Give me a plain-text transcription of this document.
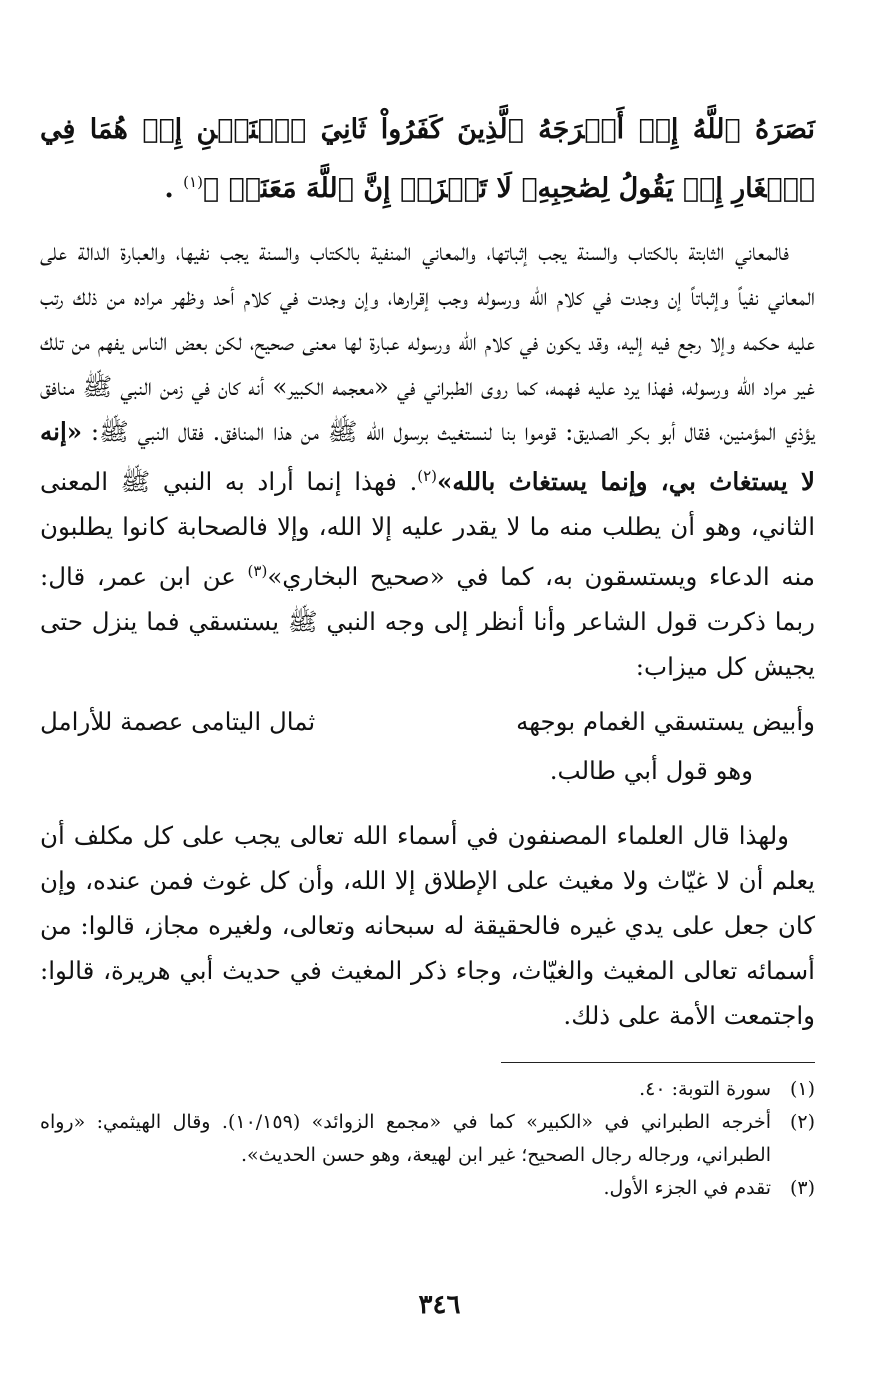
نَصَرَهُ ٱللَّهُ إِذۡ أَخۡرَجَهُ ٱلَّذِينَ كَفَرُواْ ثَانِيَ ٱثۡنَيۡنِ إِذۡ هُمَا فِي ٱلۡغَارِ إِذۡ يَقُولُ لِصَٰحِبِهِۦ لَا تَحۡزَنۡ إِنَّ ٱللَّهَ مَعَنَاۖ ﴾$^{(١)}$ .

فالمعاني الثابتة بالكتاب والسنة يجب إثباتها، والمعاني المنفية بالكتاب والسنة يجب نفيها، والعبارة الدالة على المعاني نفياً وإثباتاً إن وجدت في كلام الله ورسوله وجب إقرارها، وإن وجدت في كلام أحد وظهر مراده من ذلك رتب عليه حكمه وإلا رجع فيه إليه، وقد يكون في كلام الله ورسوله عبارة لها معنى صحيح، لكن بعض الناس يفهم من تلك غير مراد الله ورسوله، فهذا يرد عليه فهمه، كما روى الطبراني في «معجمه الكبير» أنه كان في زمن النبي ﷺ منافق يؤذي المؤمنين، فقال أبو بكر الصديق: قوموا بنا لنستغيث برسول الله ﷺ من هذا المنافق. فقال النبي ﷺ: «إنه لا يستغاث بي، وإنما يستغاث بالله»$^{(٢)}$. فهذا إنما أراد به النبي ﷺ المعنى الثاني، وهو أن يطلب منه ما لا يقدر عليه إلا الله، وإلا فالصحابة كانوا يطلبون منه الدعاء ويستسقون به، كما في «صحيح البخاري»$^{(٣)}$ عن ابن عمر، قال: ربما ذكرت قول الشاعر وأنا أنظر إلى وجه النبي ﷺ يستسقي فما ينزل حتى يجيش كل ميزاب:

وأبيض يستسقي الغمام بوجهه
ثمال اليتامى عصمة للأرامل

وهو قول أبي طالب.

ولهذا قال العلماء المصنفون في أسماء الله تعالى يجب على كل مكلف أن يعلم أن لا غيّاث ولا مغيث على الإطلاق إلا الله، وأن كل غوث فمن عنده، وإن كان جعل على يدي غيره فالحقيقة له سبحانه وتعالى، ولغيره مجاز، قالوا: من أسمائه تعالى المغيث والغيّاث، وجاء ذكر المغيث في حديث أبي هريرة، قالوا: واجتمعت الأمة على ذلك.

(١)
سورة التوبة: ٤٠.

(٢)
أخرجه الطبراني في «الكبير» كما في «مجمع الزوائد» (١٠/١٥٩). وقال الهيثمي: «رواه الطبراني، ورجاله رجال الصحيح؛ غير ابن لهيعة، وهو حسن الحديث».

(٣)
تقدم في الجزء الأول.

٣٤٦
